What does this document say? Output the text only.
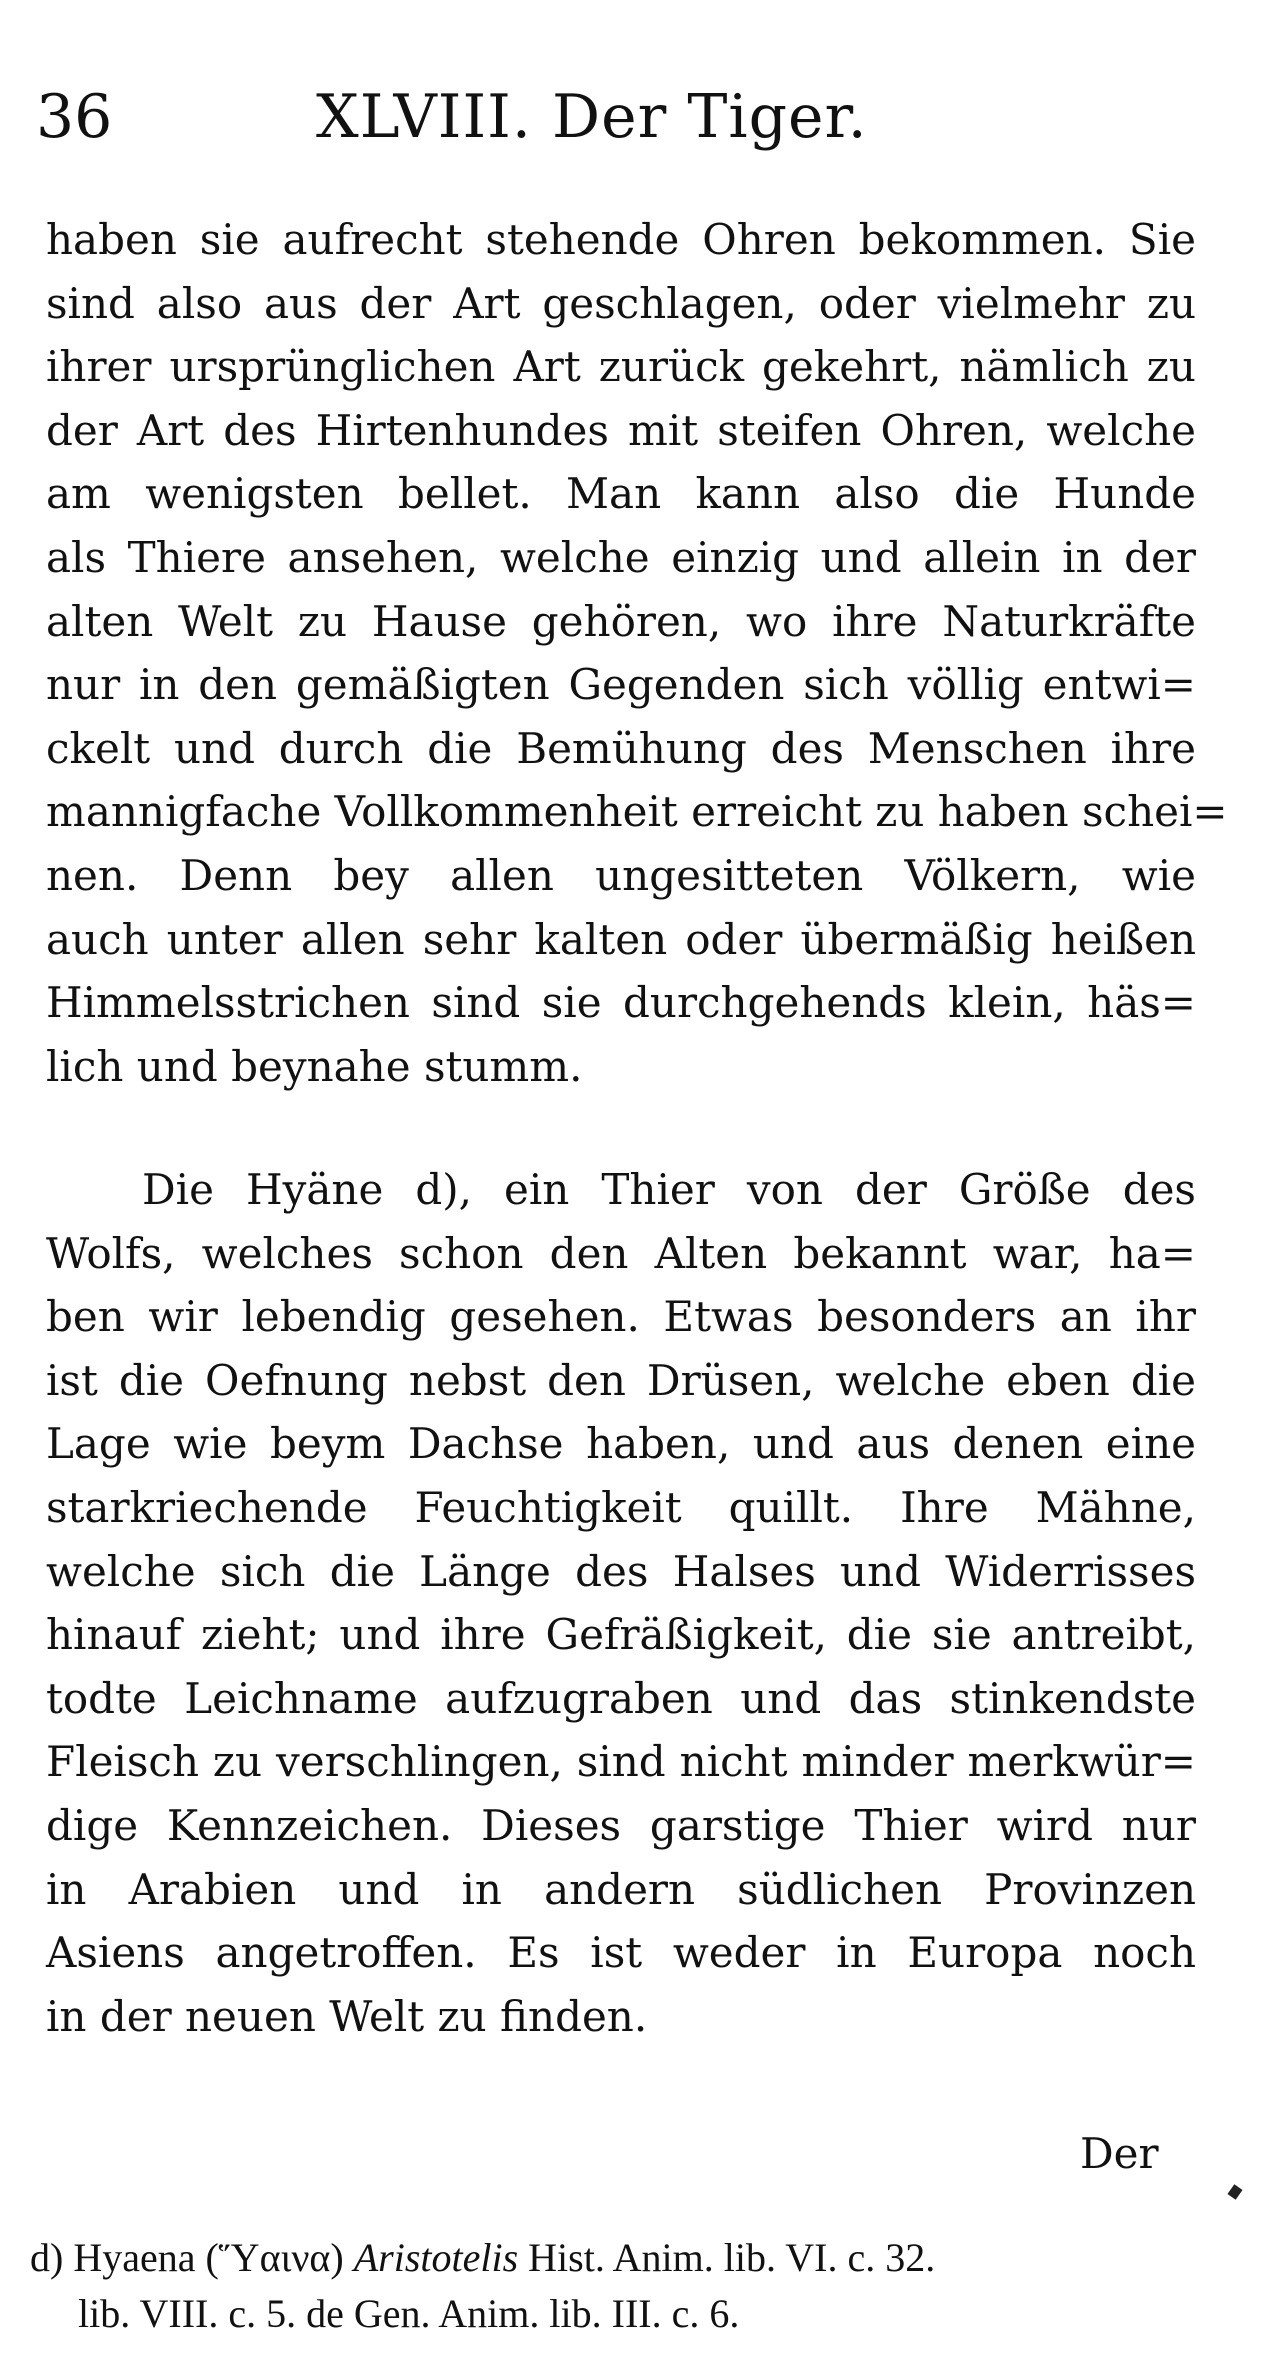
36	XLVIII. Der Tiger.
haben sie aufrecht stehende Ohren bekommen. Sie
sind also aus der Art geschlagen, oder vielmehr zu
ihrer ursprünglichen Art zurück gekehrt, nämlich zu
der Art des Hirtenhundes mit steifen Ohren, welche
am wenigsten bellet. Man kann also die Hunde
als Thiere ansehen, welche einzig und allein in der
alten Welt zu Hause gehören, wo ihre Naturkräfte
nur in den gemäßigten Gegenden sich völlig entwi=
ckelt und durch die Bemühung des Menschen ihre
mannigfache Vollkommenheit erreicht zu haben schei=
nen. Denn bey allen ungesitteten Völkern, wie
auch unter allen sehr kalten oder übermäßig heißen
Himmelsstrichen sind sie durchgehends klein, häs=
lich und beynahe stumm.
Die Hyäne d), ein Thier von der Größe des
Wolfs, welches schon den Alten bekannt war, ha=
ben wir lebendig gesehen. Etwas besonders an ihr
ist die Oefnung nebst den Drüsen, welche eben die
Lage wie beym Dachse haben, und aus denen eine
starkriechende Feuchtigkeit quillt. Ihre Mähne,
welche sich die Länge des Halses und Widerrisses
hinauf zieht; und ihre Gefräßigkeit, die sie antreibt,
todte Leichname aufzugraben und das stinkendste
Fleisch zu verschlingen, sind nicht minder merkwür=
dige Kennzeichen. Dieses garstige Thier wird nur
in Arabien und in andern südlichen Provinzen
Asiens angetroffen. Es ist weder in Europa noch
in der neuen Welt zu finden.
Der
d) Hyaena (Ὕαινα) Aristotelis Hist. Anim. lib. VI. c. 32.
lib. VIII. c. 5. de Gen. Anim. lib. III. c. 6.
